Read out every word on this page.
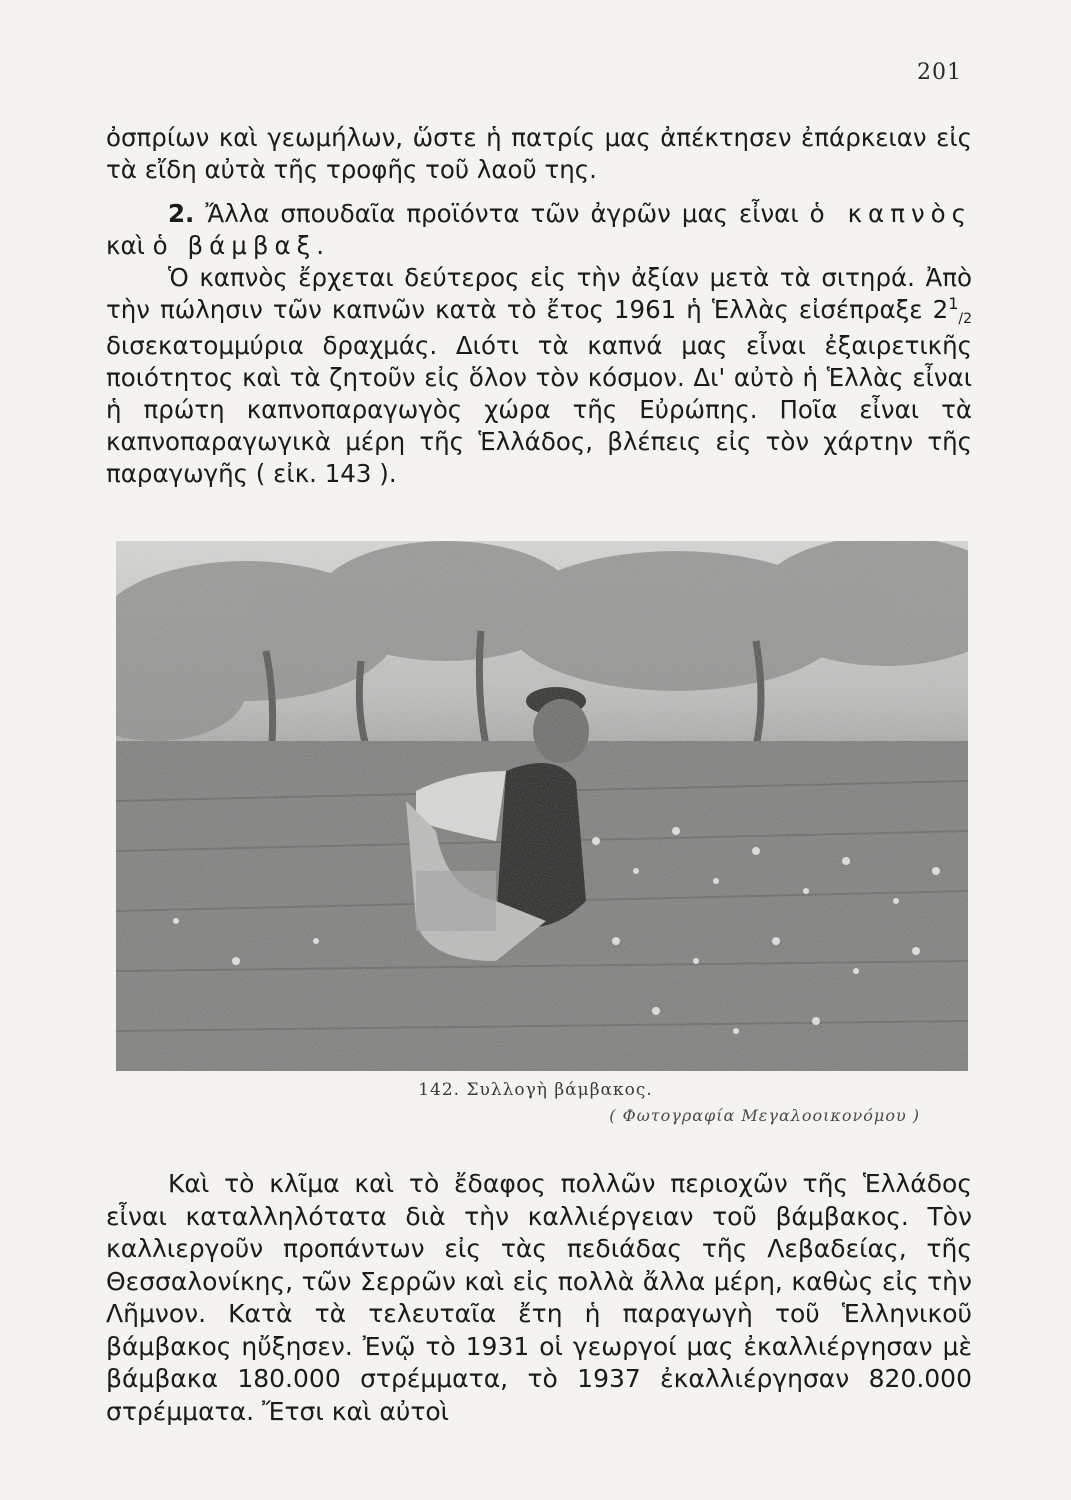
201

ὀσπρίων καὶ γεωμήλων, ὥστε ἡ πατρίς μας ἀπέκτησεν ἐπάρκειαν εἰς τὰ εἴδη αὐτὰ τῆς τροφῆς τοῦ λαοῦ της.

2. Ἄλλα σπουδαῖα προϊόντα τῶν ἀγρῶν μας εἶναι ὁ καπνὸς καὶ ὁ βάμβαξ.

Ὁ καπνὸς ἔρχεται δεύτερος εἰς τὴν ἀξίαν μετὰ τὰ σιτηρά. Ἀπὸ τὴν πώλησιν τῶν καπνῶν κατὰ τὸ ἔτος 1961 ἡ Ἑλλὰς εἰσέπραξε $2^1_{/2}$ δισεκατομμύρια δραχμάς. Διότι τὰ καπνά μας εἶναι ἐξαιρετικῆς ποιότητος καὶ τὰ ζητοῦν εἰς ὅλον τὸν κόσμον. Δι' αὐτὸ ἡ Ἑλλὰς εἶναι ἡ πρώτη καπνοπαραγωγὸς χώρα τῆς Εὐρώπης. Ποῖα εἶναι τὰ καπνοπαραγωγικὰ μέρη τῆς Ἑλλάδος, βλέπεις εἰς τὸν χάρτην τῆς παραγωγῆς ( εἰκ. 143 ).

142. Συλλογὴ βάμβακος.
( Φωτογραφία Μεγαλοοικονόμου )

Καὶ τὸ κλῖμα καὶ τὸ ἔδαφος πολλῶν περιοχῶν τῆς Ἑλλάδος εἶναι καταλληλότατα διὰ τὴν καλλιέργειαν τοῦ βάμβακος. Τὸν καλλιεργοῦν προπάντων εἰς τὰς πεδιάδας τῆς Λεβαδείας, τῆς Θεσσαλονίκης, τῶν Σερρῶν καὶ εἰς πολλὰ ἄλλα μέρη, καθὼς εἰς τὴν Λῆμνον. Κατὰ τὰ τελευταῖα ἔτη ἡ παραγωγὴ τοῦ Ἑλληνικοῦ βάμβακος ηὔξησεν. Ἐνῷ τὸ 1931 οἱ γεωργοί μας ἐκαλλιέργησαν μὲ βάμβακα 180.000 στρέμματα, τὸ 1937 ἐκαλλιέργησαν 820.000 στρέμματα. Ἔτσι καὶ αὐτοὶ
